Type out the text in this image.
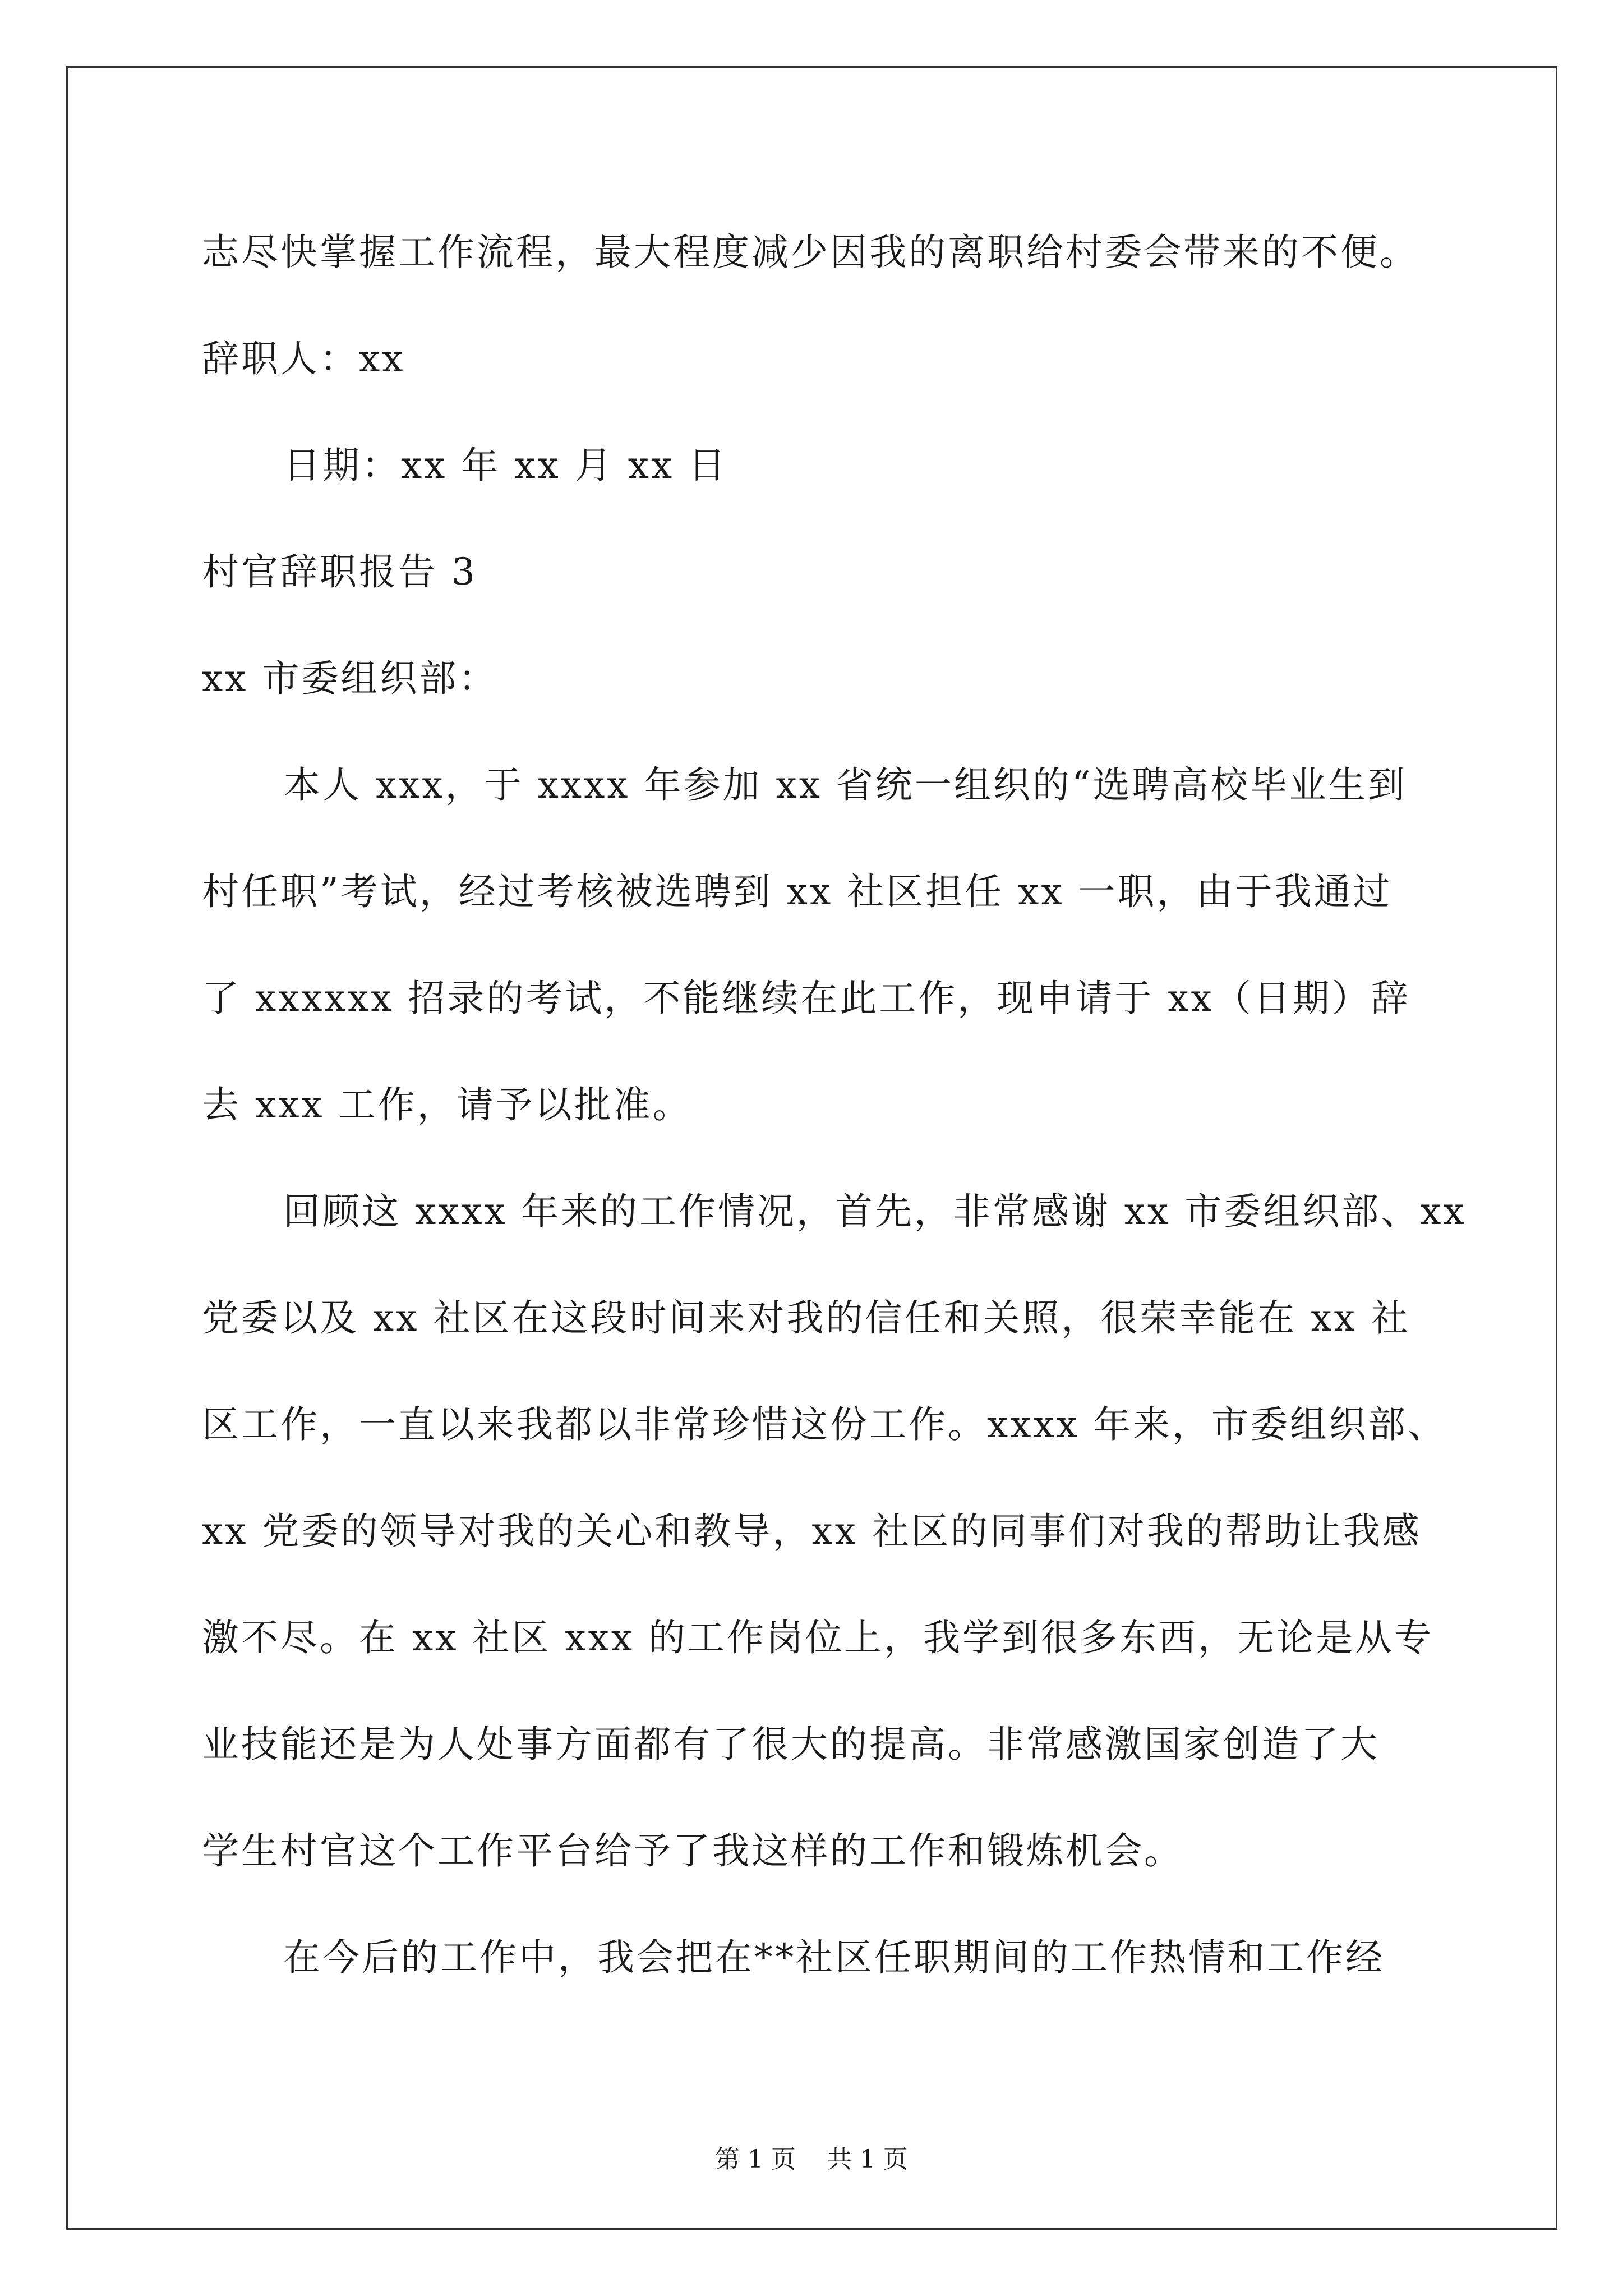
志尽快掌握工作流程，最大程度减少因我的离职给村委会带来的不便。
辞职人：xx
日期：xx 年 xx 月 xx 日
村官辞职报告 3
xx 市委组织部：
本人 xxx，于 xxxx 年参加 xx 省统一组织的“选聘高校毕业生到
村任职”考试，经过考核被选聘到 xx 社区担任 xx 一职，由于我通过
了 xxxxxx 招录的考试，不能继续在此工作，现申请于 xx（日期）辞
去 xxx 工作，请予以批准。
回顾这 xxxx 年来的工作情况，首先，非常感谢 xx 市委组织部、xx
党委以及 xx 社区在这段时间来对我的信任和关照，很荣幸能在 xx 社
区工作，一直以来我都以非常珍惜这份工作。xxxx 年来，市委组织部、
xx 党委的领导对我的关心和教导，xx 社区的同事们对我的帮助让我感
激不尽。在 xx 社区 xxx 的工作岗位上，我学到很多东西，无论是从专
业技能还是为人处事方面都有了很大的提高。非常感激国家创造了大
学生村官这个工作平台给予了我这样的工作和锻炼机会。
在今后的工作中，我会把在**社区任职期间的工作热情和工作经
第 1 页    共 1 页
